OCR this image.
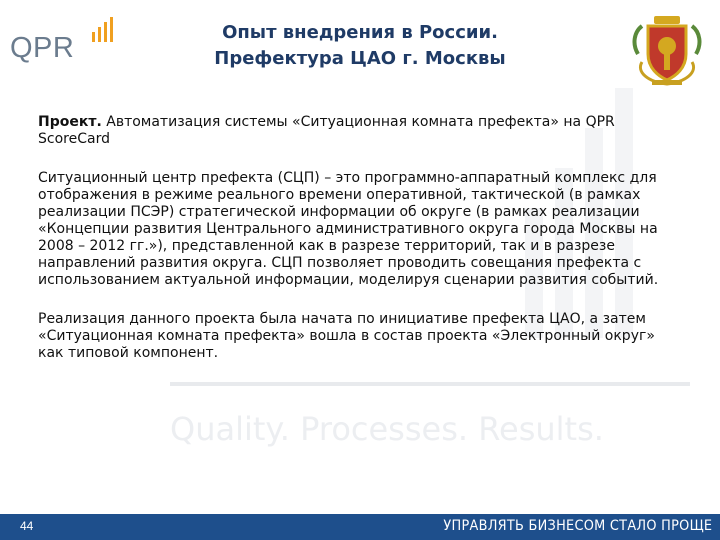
QPR	Опыт внедрения в России.
Префектура ЦАО г. Москвы
Quality. Processes. Results.

Проект. Автоматизация системы «Ситуационная комната префекта» на QPR ScoreCard

Ситуационный центр префекта (СЦП) – это программно-аппаратный комплекс для отображения в режиме реального времени оперативной, тактической (в рамках реализации ПСЭР) стратегической информации об округе (в рамках реализации «Концепции развития Центрального административного округа города Москвы на 2008 – 2012 гг.»), представленной как в разрезе территорий, так и в разрезе направлений развития округа. СЦП позволяет проводить совещания префекта с использованием актуальной информации, моделируя сценарии развития событий.

Реализация данного проекта была начата по инициативе префекта ЦАО, а затем «Ситуационная комната префекта» вошла в состав проекта «Электронный округ» как типовой компонент.

44	УПРАВЛЯТЬ БИЗНЕСОМ СТАЛО ПРОЩЕ
